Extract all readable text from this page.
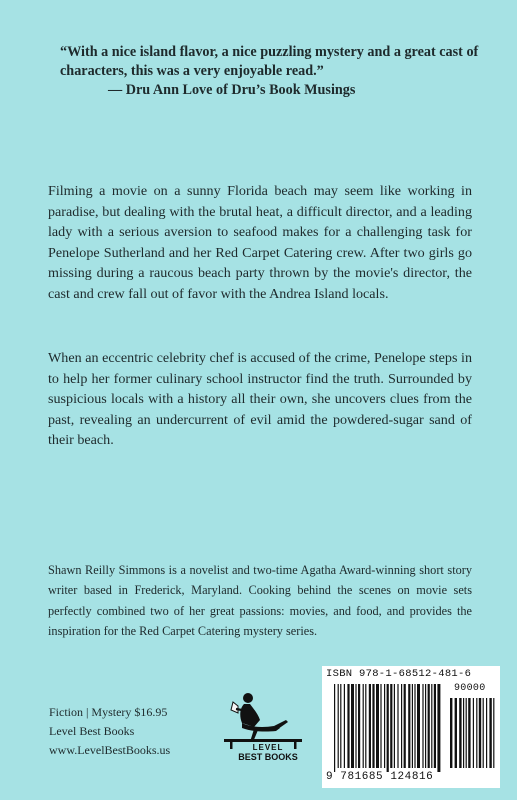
“With a nice island flavor, a nice puzzling mystery and a great cast of characters, this was a very enjoyable read.”
— Dru Ann Love of Dru’s Book Musings
Filming a movie on a sunny Florida beach may seem like working in paradise, but dealing with the brutal heat, a difficult director, and a leading lady with a serious aversion to seafood makes for a challenging task for Penelope Sutherland and her Red Carpet Catering crew. After two girls go missing during a raucous beach party thrown by the movie's director, the cast and crew fall out of favor with the Andrea Island locals.
When an eccentric celebrity chef is accused of the crime, Penelope steps in to help her former culinary school instructor find the truth. Surrounded by suspicious locals with a history all their own, she uncovers clues from the past, revealing an undercurrent of evil amid the powdered-sugar sand of their beach.
Shawn Reilly Simmons is a novelist and two-time Agatha Award-winning short story writer based in Frederick, Maryland. Cooking behind the scenes on movie sets perfectly combined two of her great passions: movies, and food, and provides the inspiration for the Red Carpet Catering mystery series.
Fiction | Mystery $16.95
Level Best Books
www.LevelBestBooks.us	LEVEL
BEST BOOKS
ISBN 978-1-68512-481-6
90000
9 781685 124816
